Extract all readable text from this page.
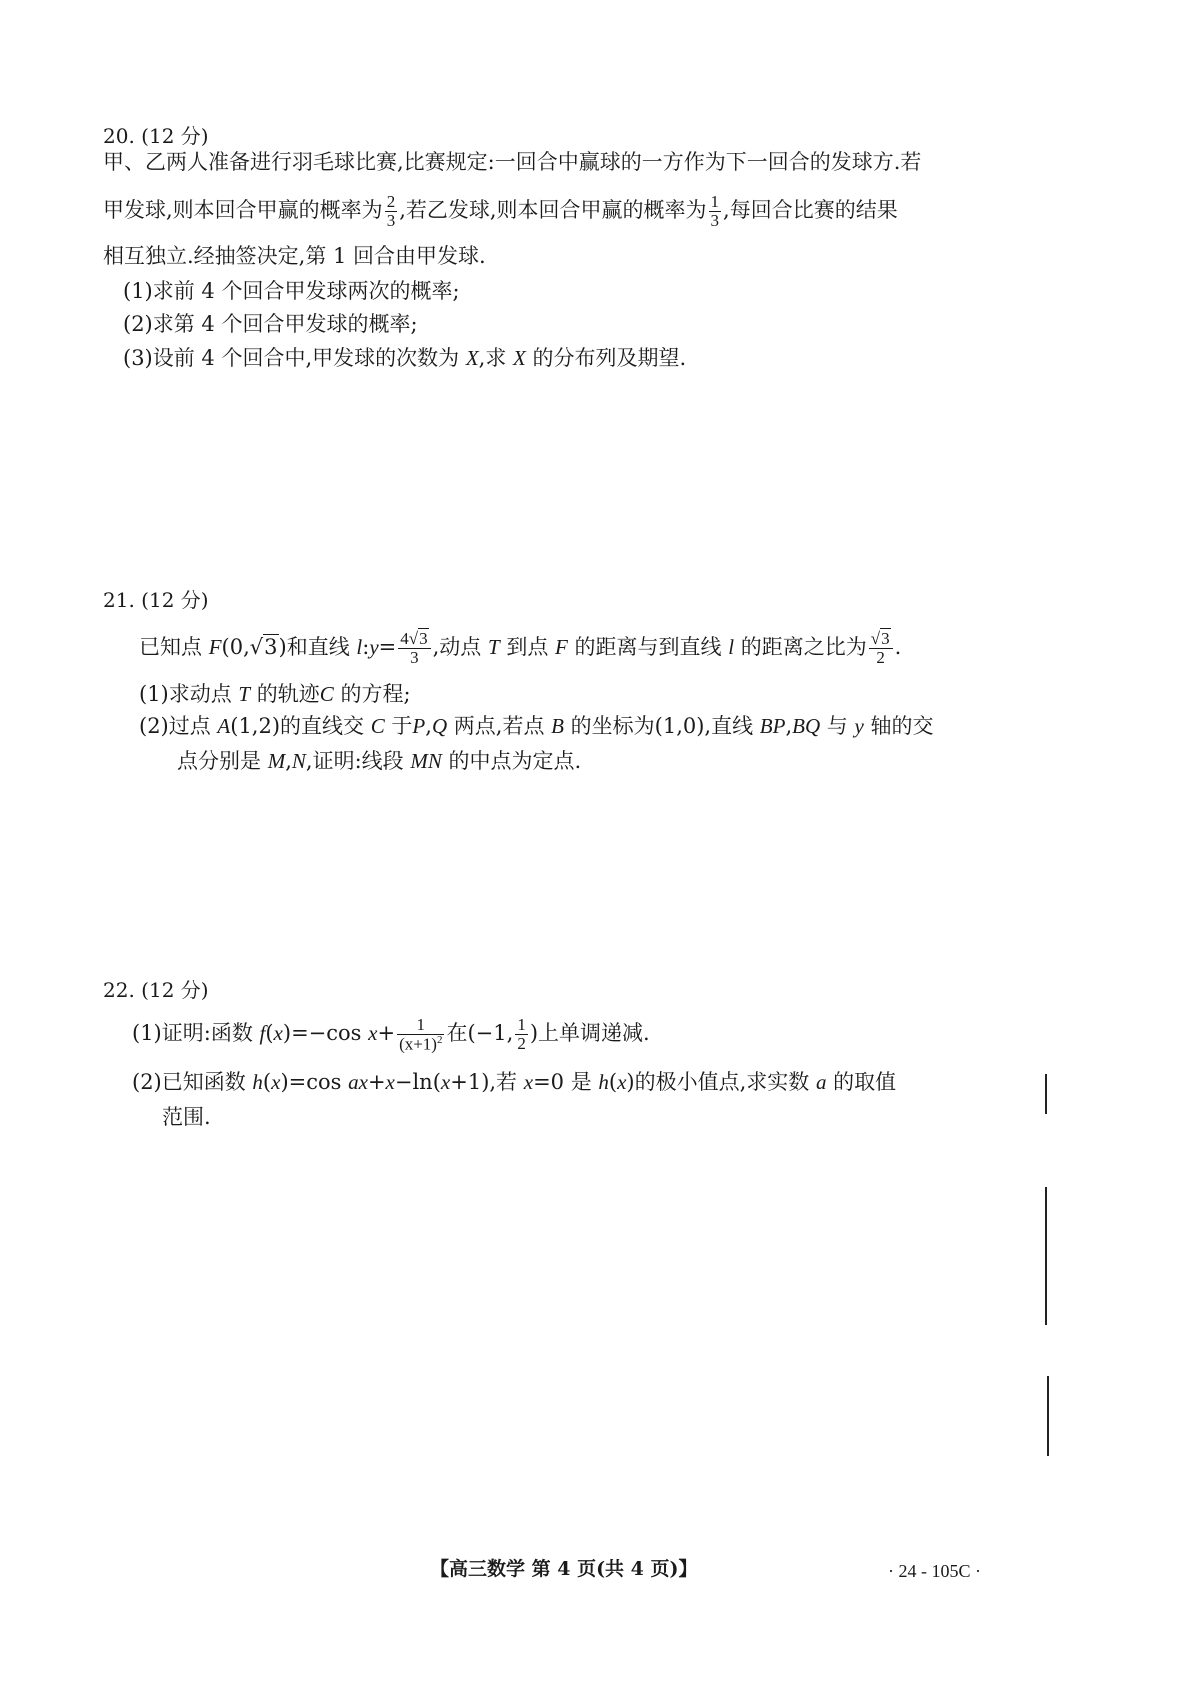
20. (12 分)
甲、乙两人准备进行羽毛球比赛,比赛规定:一回合中赢球的一方作为下一回合的发球方.若
甲发球,则本回合甲赢的概率为 $\frac{2}{3}$ ,若乙发球,则本回合甲赢的概率为 $\frac{1}{3}$ ,每回合比赛的结果
相互独立.经抽签决定,第 1 回合由甲发球.
(1)求前 4 个回合甲发球两次的概率;
(2)求第 4 个回合甲发球的概率;
(3)设前 4 个回合中,甲发球的次数为 X,求 X 的分布列及期望.
21. (12 分)
已知点 F(0,√3)和直线 l:y= $\frac{4√3}{3}$ ,动点 T 到点 F 的距离与到直线 l 的距离之比为 $\frac{√3}{2}$ .
(1)求动点 T 的轨迹C 的方程;
(2)过点 A(1,2)的直线交 C 于P,Q 两点,若点 B 的坐标为(1,0),直线 BP,BQ 与 y 轴的交
点分别是 M,N,证明:线段 MN 的中点为定点.
22. (12 分)
(1)证明:函数 f(x)=−cos $x+ \frac{1}{(x+1)^2}$ 在(−1, $\frac{1}{2}$ )上单调递减.
(2)已知函数 h(x)=cos ax+x−ln(x+1),若 x=0 是 h(x)的极小值点,求实数 a 的取值
范围.
【高三数学 第 4 页(共 4 页)】	· 24 - 105C ·
